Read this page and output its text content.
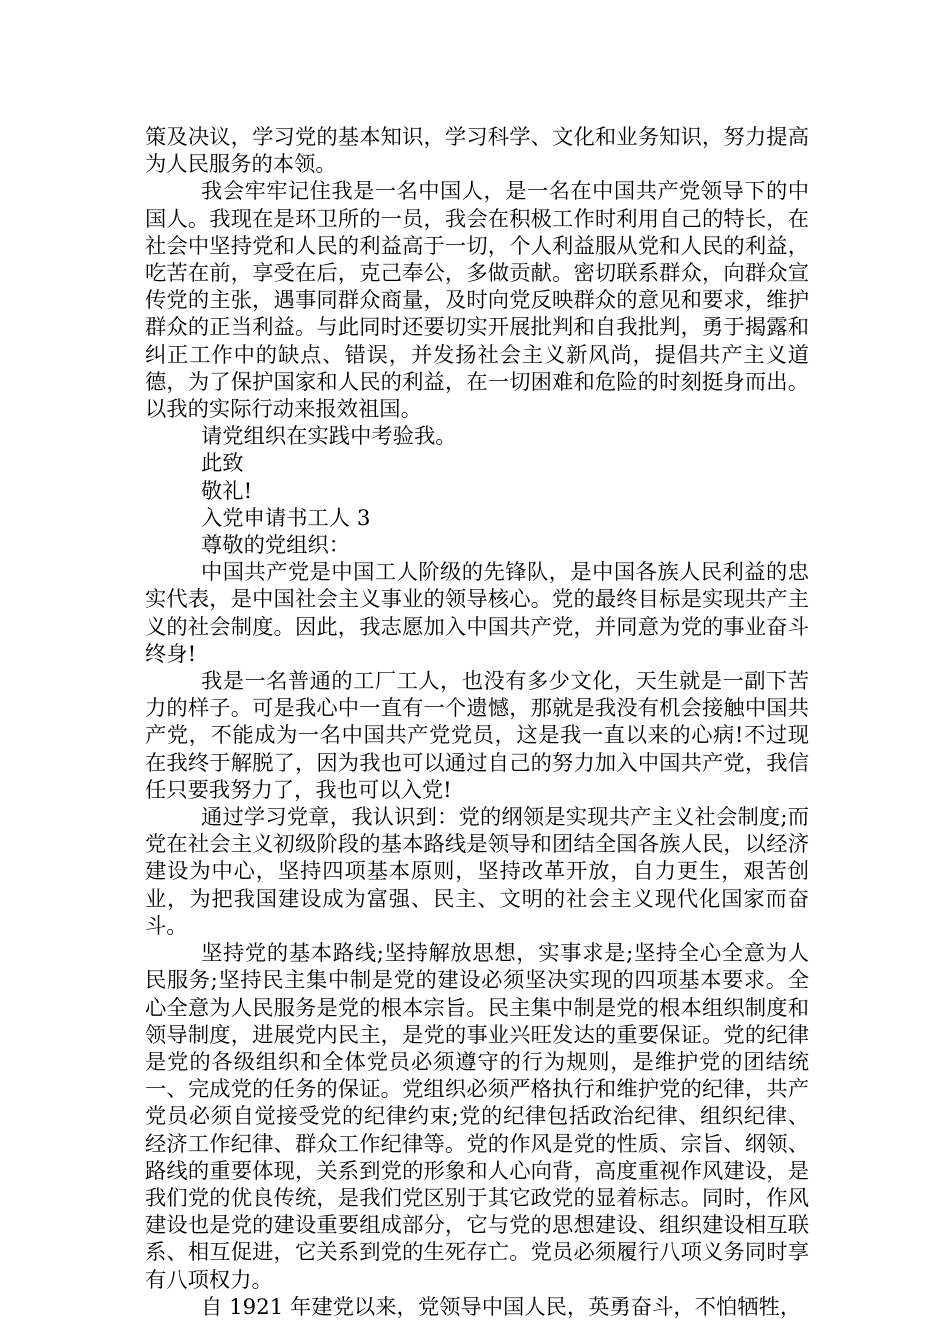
策及决议，学习党的基本知识，学习科学、文化和业务知识，努力提高为人民服务的本领。

我会牢牢记住我是一名中国人，是一名在中国共产党领导下的中国人。我现在是环卫所的一员，我会在积极工作时利用自己的特长，在社会中坚持党和人民的利益高于一切，个人利益服从党和人民的利益，吃苦在前，享受在后，克己奉公，多做贡献。密切联系群众，向群众宣传党的主张，遇事同群众商量，及时向党反映群众的意见和要求，维护群众的正当利益。与此同时还要切实开展批判和自我批判，勇于揭露和纠正工作中的缺点、错误，并发扬社会主义新风尚，提倡共产主义道德，为了保护国家和人民的利益，在一切困难和危险的时刻挺身而出。以我的实际行动来报效祖国。

请党组织在实践中考验我。

此致

敬礼!

入党申请书工人 3

尊敬的党组织：

中国共产党是中国工人阶级的先锋队，是中国各族人民利益的忠实代表，是中国社会主义事业的领导核心。党的最终目标是实现共产主义的社会制度。因此，我志愿加入中国共产党，并同意为党的事业奋斗终身!

我是一名普通的工厂工人，也没有多少文化，天生就是一副下苦力的样子。可是我心中一直有一个遗憾，那就是我没有机会接触中国共产党，不能成为一名中国共产党党员，这是我一直以来的心病!不过现在我终于解脱了，因为我也可以通过自己的努力加入中国共产党，我信任只要我努力了，我也可以入党!

通过学习党章，我认识到：党的纲领是实现共产主义社会制度;而党在社会主义初级阶段的基本路线是领导和团结全国各族人民，以经济建设为中心，坚持四项基本原则，坚持改革开放，自力更生，艰苦创业，为把我国建设成为富强、民主、文明的社会主义现代化国家而奋斗。

坚持党的基本路线;坚持解放思想，实事求是;坚持全心全意为人民服务;坚持民主集中制是党的建设必须坚决实现的四项基本要求。全心全意为人民服务是党的根本宗旨。民主集中制是党的根本组织制度和领导制度，进展党内民主，是党的事业兴旺发达的重要保证。党的纪律是党的各级组织和全体党员必须遵守的行为规则，是维护党的团结统一、完成党的任务的保证。党组织必须严格执行和维护党的纪律，共产党员必须自觉接受党的纪律约束;党的纪律包括政治纪律、组织纪律、经济工作纪律、群众工作纪律等。党的作风是党的性质、宗旨、纲领、路线的重要体现，关系到党的形象和人心向背，高度重视作风建设，是我们党的优良传统，是我们党区别于其它政党的显着标志。同时，作风建设也是党的建设重要组成部分，它与党的思想建设、组织建设相互联系、相互促进，它关系到党的生死存亡。党员必须履行八项义务同时享有八项权力。

自 1921 年建党以来，党领导中国人民，英勇奋斗，不怕牺牲，
